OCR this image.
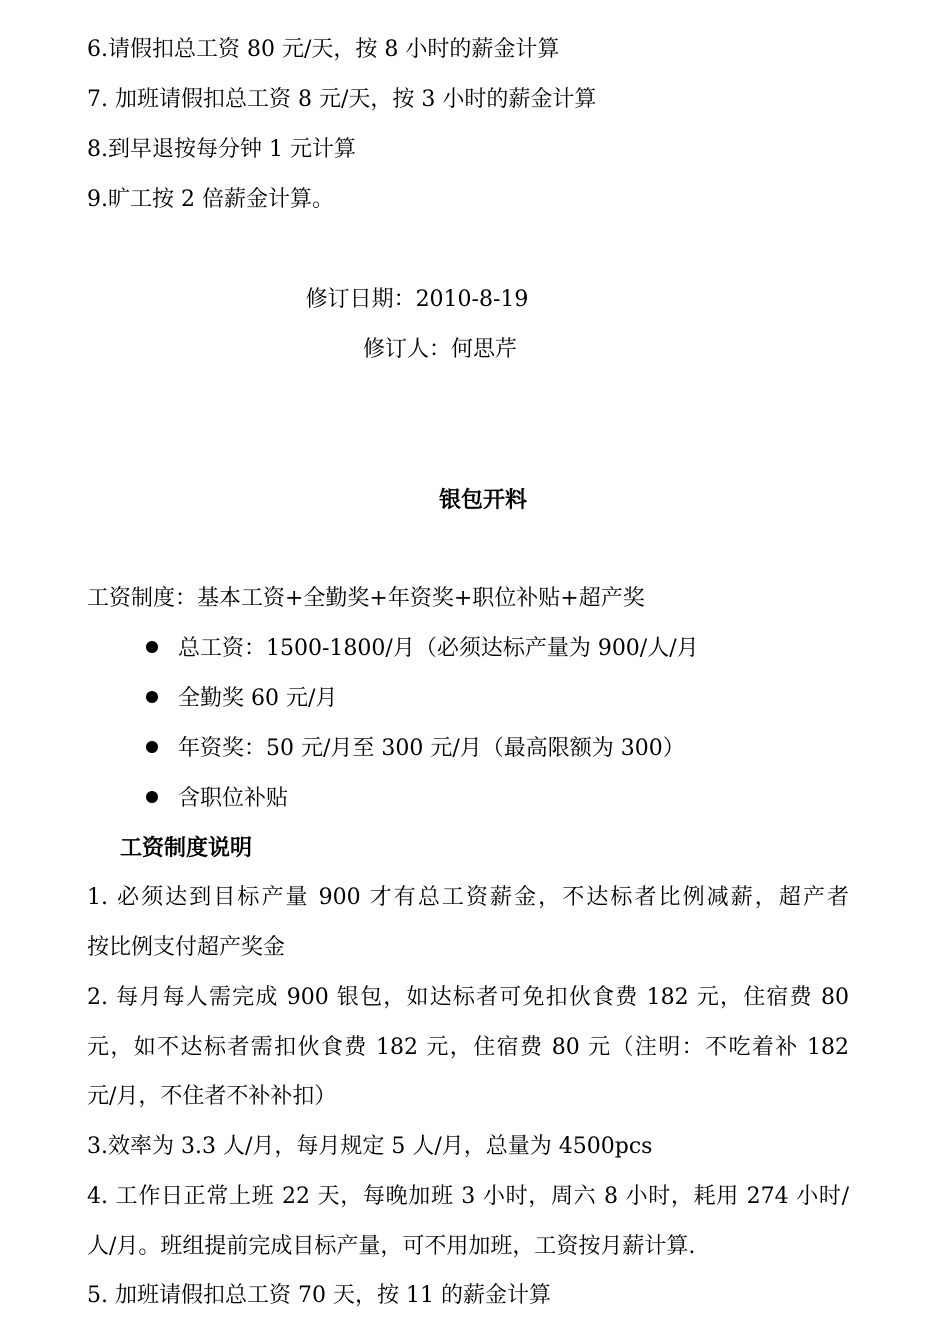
6.请假扣总工资 80 元/天，按 8 小时的薪金计算
7. 加班请假扣总工资 8 元/天，按 3 小时的薪金计算
8.到早退按每分钟 1 元计算
9.旷工按 2 倍薪金计算。
修订日期：2010-8-19
修订人：何思芹
银包开料
工资制度：基本工资+全勤奖+年资奖+职位补贴+超产奖
总工资：1500-1800/月（必须达标产量为 900/人/月
全勤奖 60 元/月
年资奖：50 元/月至 300 元/月（最高限额为 300）
含职位补贴
工资制度说明
1. 必须达到目标产量 900 才有总工资薪金，不达标者比例减薪，超产者
按比例支付超产奖金
2. 每月每人需完成 900 银包，如达标者可免扣伙食费 182 元，住宿费 80
元，如不达标者需扣伙食费 182 元，住宿费 80 元（注明：不吃着补 182
元/月，不住者不补补扣）
3.效率为 3.3 人/月，每月规定 5 人/月，总量为 4500pcs
4. 工作日正常上班 22 天，每晚加班 3 小时，周六 8 小时，耗用 274 小时/
人/月。班组提前完成目标产量，可不用加班，工资按月薪计算.
5. 加班请假扣总工资 70 天，按 11 的薪金计算
